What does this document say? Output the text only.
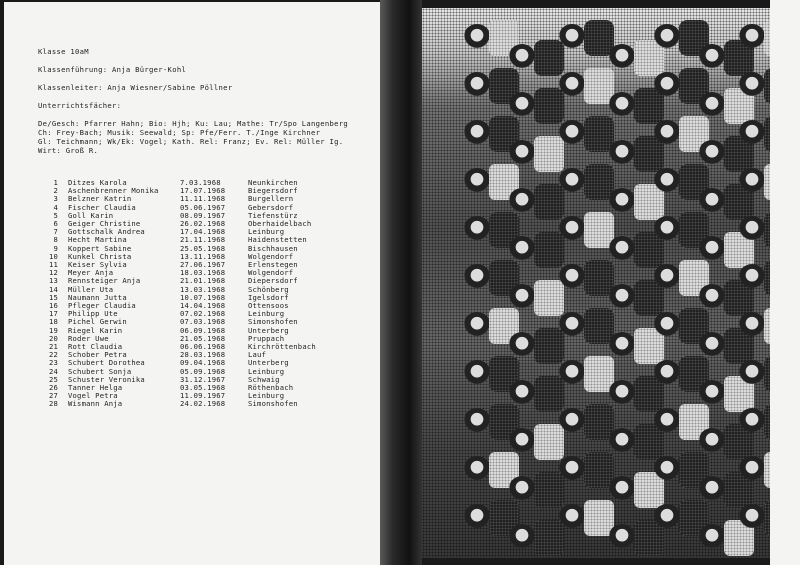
Klasse 10aM
Klassenführung: Anja Bürger-Kohl
Klassenleiter: Anja Wiesner/Sabine Pöllner
Unterrichtsfächer:
De/Gesch: Pfarrer Hahn; Bio: Hjh; Ku: Lau; Mathe: Tr/Spo Langenberg
Ch: Frey-Bach; Musik: Seewald; Sp: Pfe/Ferr. T./Inge Kirchner
Gl: Teichmann; Wk/Ek: Vogel; Kath. Rel: Franz; Ev. Rel: Müller Ig.
Wirt: Groß R.
1 Ditzes Karola	7.03.1968	Neunkirchen
2 Aschenbrenner Monika	17.07.1968	Biegersdorf
3 Belzner Katrin	11.11.1968	Burgellern
4 Fischer Claudia	05.06.1967	Gebersdorf
5 Goll Karin	08.09.1967	Tiefenstürz
6 Geiger Christine	26.02.1968	Oberhaidelbach
7 Gottschalk Andrea	17.04.1968	Leinburg
8 Hecht Martina	21.11.1968	Haidenstetten
9 Koppert Sabine	25.05.1968	Bischhausen
10 Kunkel Christa	13.11.1968	Wolgendorf
11 Keiser Sylvia	27.06.1967	Erlenstegen
12 Meyer Anja	18.03.1968	Wolgendorf
13 Rennsteiger Anja	21.01.1968	Diepersdorf
14 Müller Uta	13.03.1968	Schönberg
15 Naumann Jutta	10.07.1968	Igelsdorf
16 Pfleger Claudia	14.04.1968	Ottensoos
17 Philipp Ute	07.02.1968	Leinburg
18 Pichel Gerwin	07.03.1968	Simonshofen
19 Riegel Karin	06.09.1968	Unterberg
20 Roder Uwe	21.05.1968	Pruppach
21 Rott Claudia	06.06.1968	Kirchröttenbach
22 Schober Petra	28.03.1968	Lauf
23 Schubert Dorothea	09.04.1968	Unterberg
24 Schubert Sonja	05.09.1968	Leinburg
25 Schuster Veronika	31.12.1967	Schwaig
26 Tanner Helga	03.05.1968	Röthenbach
27 Vogel Petra	11.09.1967	Leinburg
28 Wismann Anja	24.02.1968	Simonshofen
